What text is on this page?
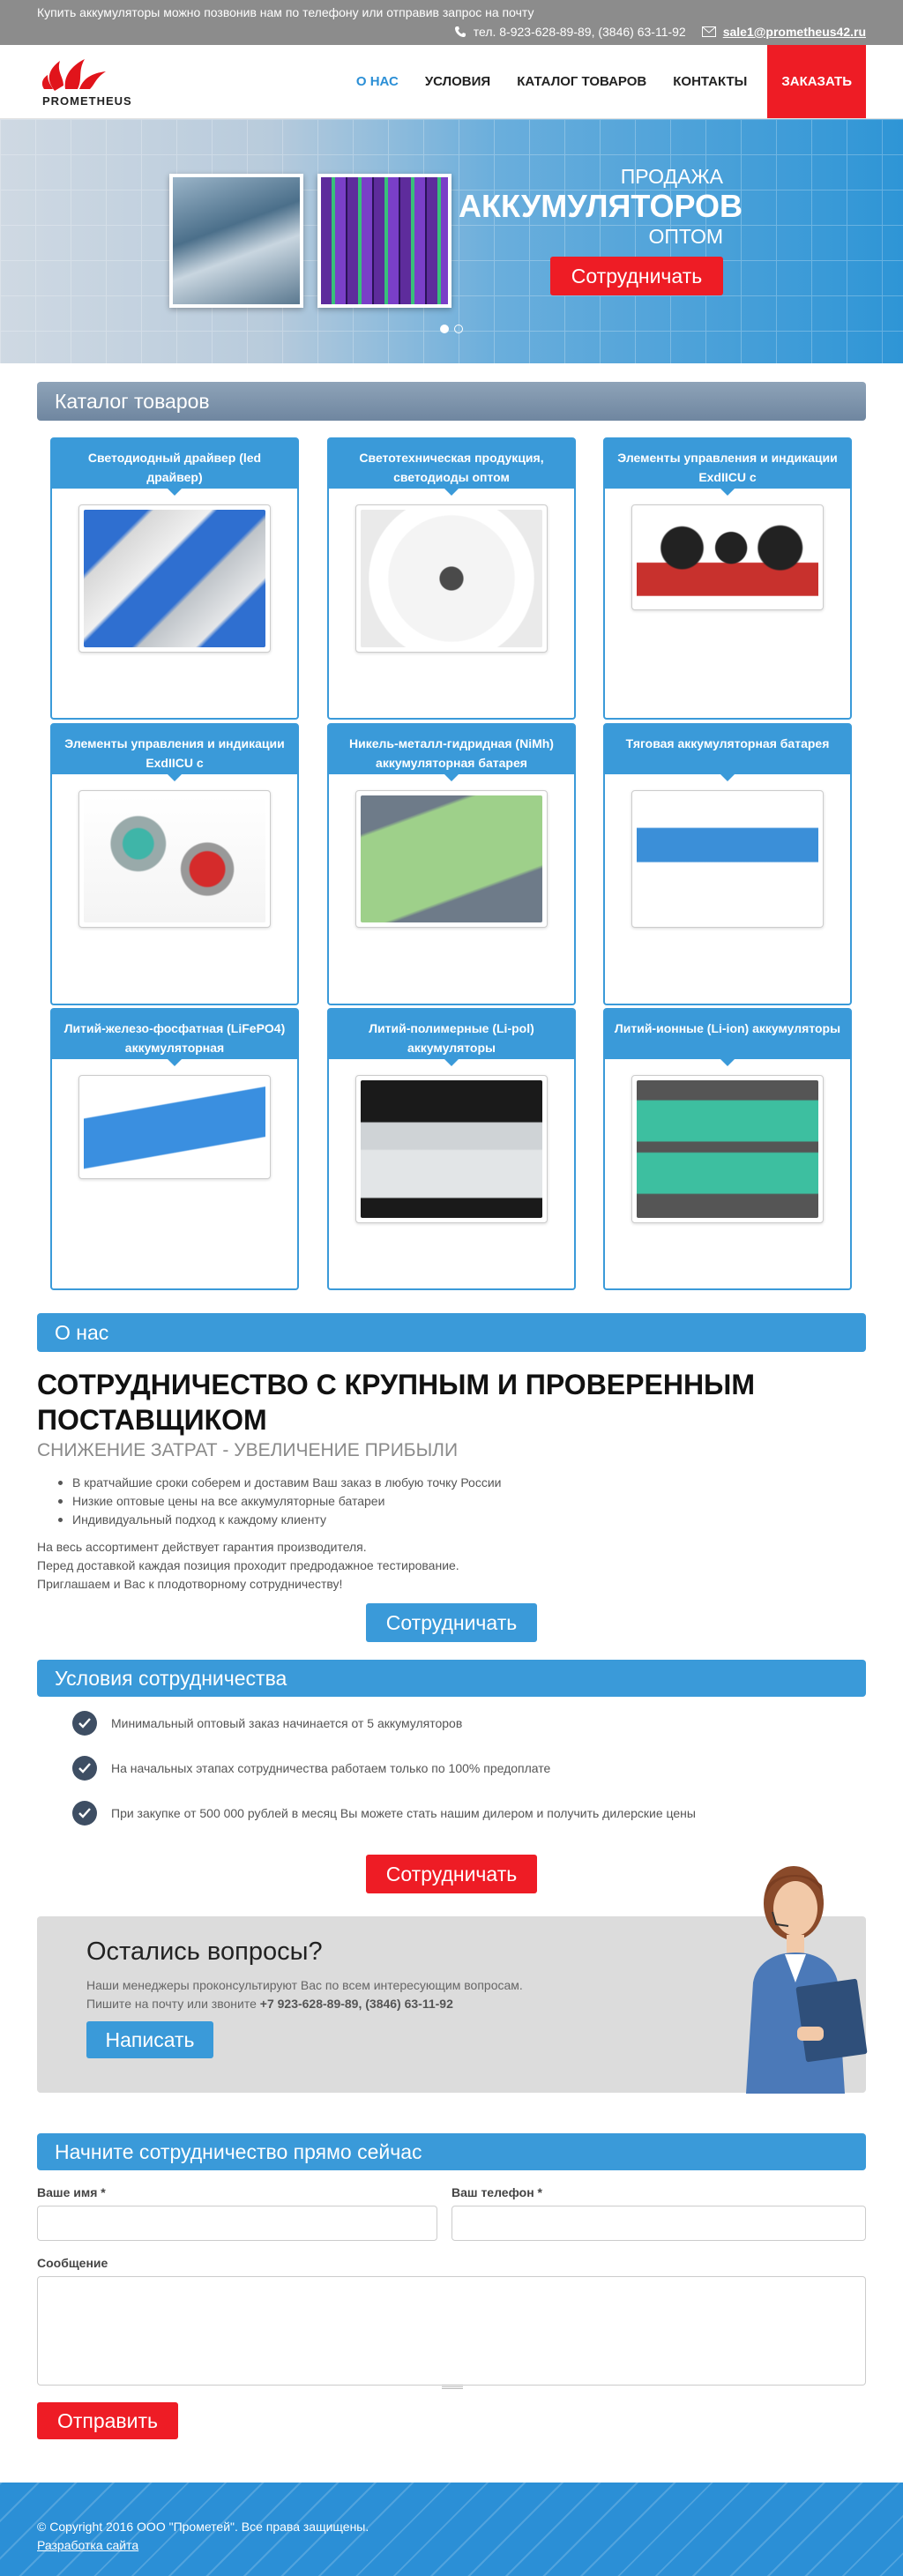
Купить аккумуляторы можно позвонив нам по телефону или отправив запрос на почту
тел. 8-923-628-89-89, (3846) 63-11-92	sale1@prometheus42.ru
PROMETHEUS
О НАС	УСЛОВИЯ	КАТАЛОГ ТОВАРОВ	КОНТАКТЫ	ЗАКАЗАТЬ
ПРОДАЖА
АККУМУЛЯТОРОВ
ОПТОМ
Сотрудничать
Каталог товаров
Светодиодный драйвер (led драйвер)
Светотехническая продукция, светодиоды оптом
Элементы управления и индикации ExdIICU с
Элементы управления и индикации ExdIICU с
Никель-металл-гидридная (NiMh) аккумуляторная батарея
Тяговая аккумуляторная батарея
Литий-железо-фосфатная (LiFePO4) аккумуляторная
Литий-полимерные (Li-pol) аккумуляторы
Литий-ионные (Li-ion) аккумуляторы
О нас
СОТРУДНИЧЕСТВО С КРУПНЫМ И ПРОВЕРЕННЫМ ПОСТАВЩИКОМ
СНИЖЕНИЕ ЗАТРАТ - УВЕЛИЧЕНИЕ ПРИБЫЛИ
В кратчайшие сроки соберем и доставим Ваш заказ в любую точку России
Низкие оптовые цены на все аккумуляторные батареи
Индивидуальный подход к каждому клиенту
На весь ассортимент действует гарантия производителя.
Перед доставкой каждая позиция проходит предродажное тестирование.
Приглашаем и Вас к плодотворному сотрудничеству!
Сотрудничать
Условия сотрудничества
Минимальный оптовый заказ начинается от 5 аккумуляторов
На начальных этапах сотрудничества работаем только по 100% предоплате
При закупке от 500 000 рублей в месяц Вы можете стать нашим дилером и получить дилерские цены
Сотрудничать
Остались вопросы?
Наши менеджеры проконсультируют Вас по всем интересующим вопросам.
Пишите на почту или звоните +7 923-628-89-89, (3846) 63-11-92
Написать
Начните сотрудничество прямо сейчас
Ваше имя *	Ваш телефон *
Сообщение
Отправить
© Copyright 2016 ООО "Прометей". Все права защищены.
Разработка сайта
